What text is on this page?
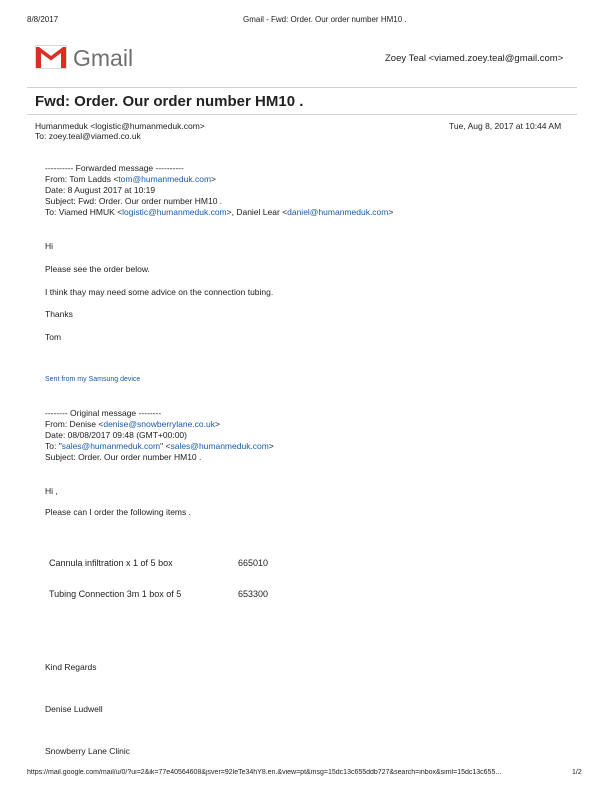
8/8/2017	Gmail - Fwd: Order. Our order number HM10 .
Gmail	Zoey Teal <viamed.zoey.teal@gmail.com>
Fwd: Order. Our order number HM10 .
Humanmeduk <logistic@humanmeduk.com>	Tue, Aug 8, 2017 at 10:44 AM
To: zoey.teal@viamed.co.uk
---------- Forwarded message ----------
From: Tom Ladds <tom@humanmeduk.com>
Date: 8 August 2017 at 10:19
Subject: Fwd: Order. Our order number HM10 .
To: Viamed HMUK <logistic@humanmeduk.com>, Daniel Lear <daniel@humanmeduk.com>
Hi
Please see the order below.
I think thay may need some advice on the connection tubing.
Thanks
Tom
Sent from my Samsung device
-------- Original message --------
From: Denise <denise@snowberrylane.co.uk>
Date: 08/08/2017 09:48 (GMT+00:00)
To: "sales@humanmeduk.com" <sales@humanmeduk.com>
Subject: Order. Our order number HM10 .
Hi ,
Please can I order the following items .
Cannula infiltration x 1 of 5 box	665010
Tubing Connection 3m 1 box of 5	653300
Kind Regards
Denise Ludwell
Snowberry Lane Clinic
https://mail.google.com/mail/u/0/?ui=2&ik=77e40564608&jsver=92leTe34hY8.en.&view=pt&msg=15dc13c655ddb727&search=inbox&siml=15dc13c655...	1/2
